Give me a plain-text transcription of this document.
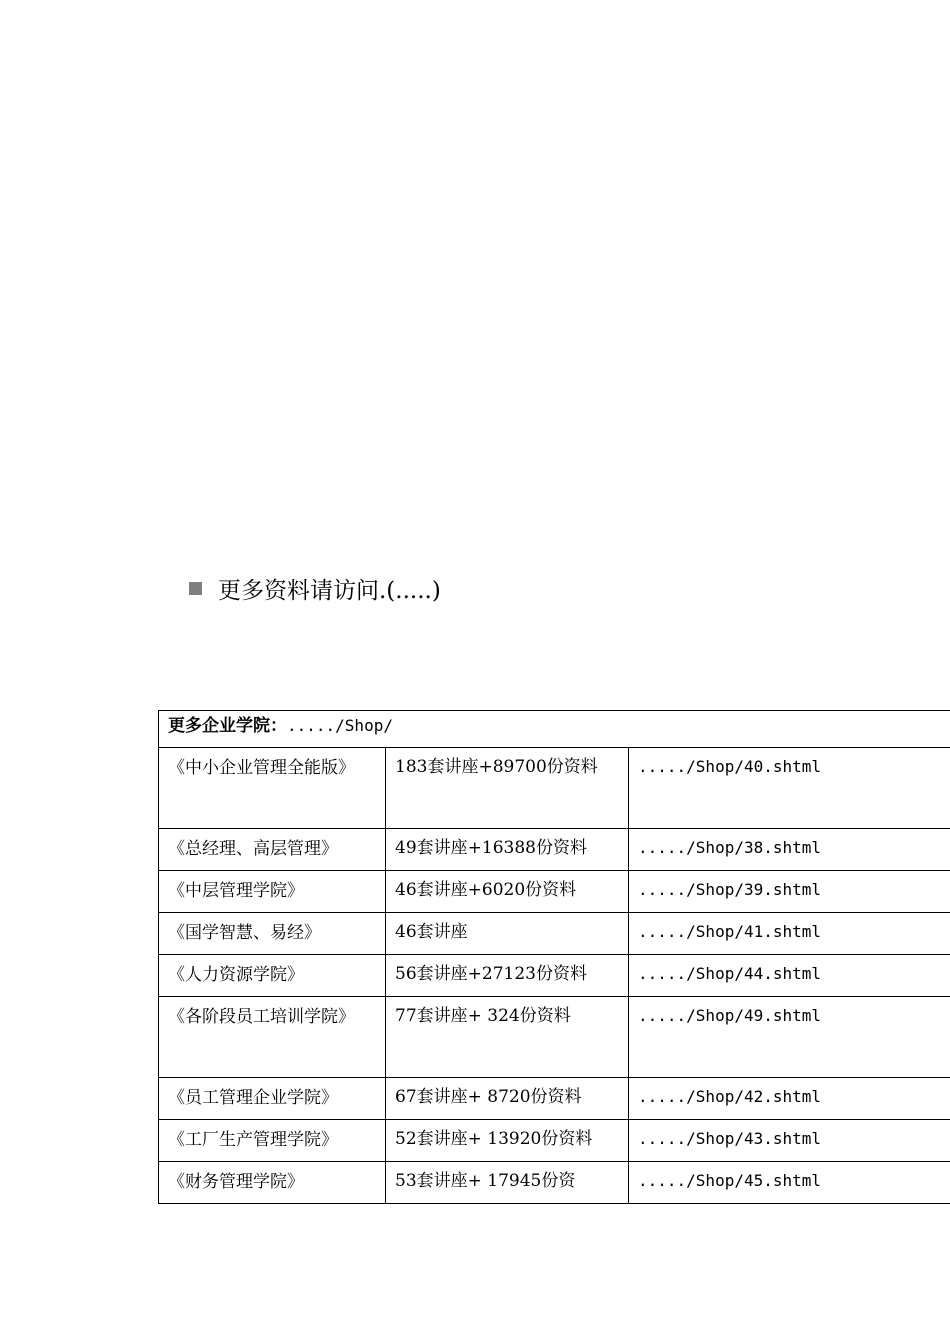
更多资料请访问.(.....)
更多企业学院：...../Shop/		
《中小企业管理全能版》	183套讲座+89700份资料	...../Shop/40.shtml
《总经理、高层管理》	49套讲座+16388份资料	...../Shop/38.shtml
《中层管理学院》	46套讲座+6020份资料	...../Shop/39.shtml
《国学智慧、易经》	46套讲座	...../Shop/41.shtml
《人力资源学院》	56套讲座+27123份资料	...../Shop/44.shtml
《各阶段员工培训学院》	77套讲座+ 324份资料	...../Shop/49.shtml
《员工管理企业学院》	67套讲座+ 8720份资料	...../Shop/42.shtml
《工厂生产管理学院》	52套讲座+ 13920份资料	...../Shop/43.shtml
《财务管理学院》	53套讲座+ 17945份资	...../Shop/45.shtml
